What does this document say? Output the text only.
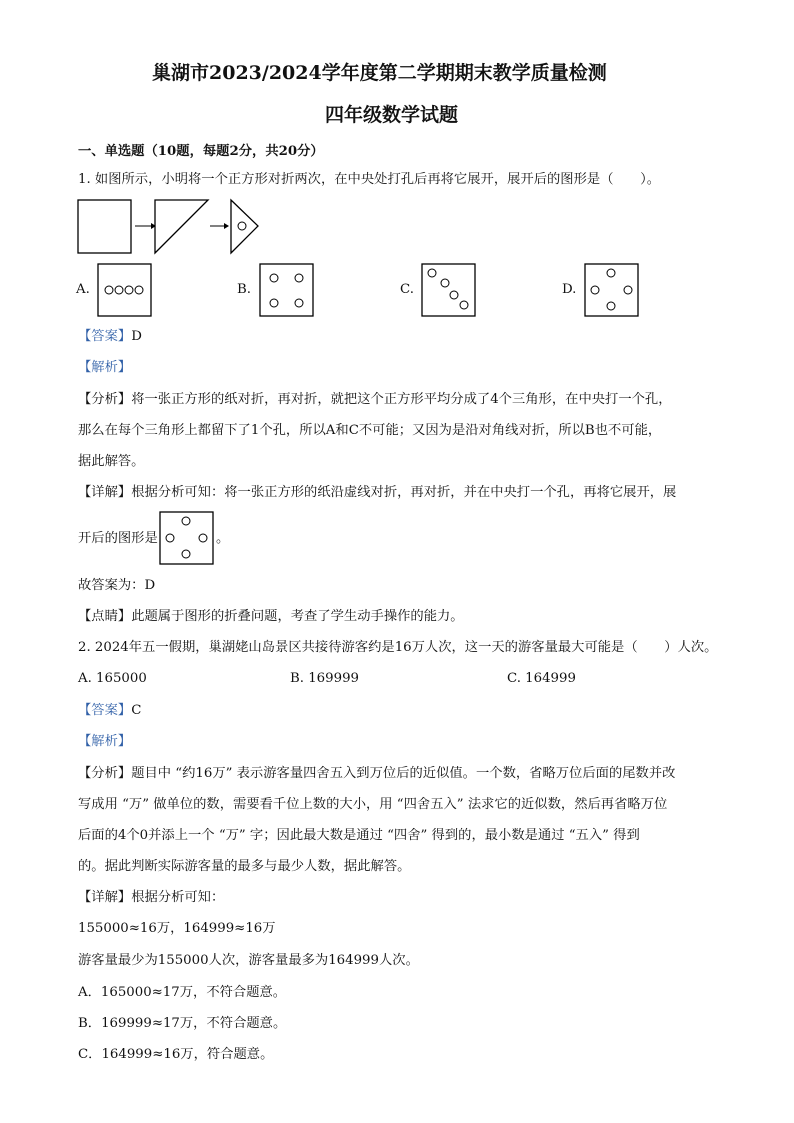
巢湖市2023/2024学年度第二学期期末教学质量检测
四年级数学试题
一、单选题（10题，每题2分，共20分）
1. 如图所示，小明将一个正方形对折两次，在中央处打孔后再将它展开，展开后的图形是（　　）。
A.	B.	C.	D.
【答案】D
【解析】
【分析】将一张正方形的纸对折，再对折，就把这个正方形平均分成了4个三角形，在中央打一个孔，
那么在每个三角形上都留下了1个孔，所以A和C不可能；又因为是沿对角线对折，所以B也不可能，
据此解答。
【详解】根据分析可知：将一张正方形的纸沿虚线对折，再对折，并在中央打一个孔，再将它展开，展
开后的图形是	。
故答案为：D
【点睛】此题属于图形的折叠问题，考查了学生动手操作的能力。
2. 2024年五一假期，巢湖姥山岛景区共接待游客约是16万人次，这一天的游客量最大可能是（　　）人次。
A. 165000	B. 169999	C. 164999
【答案】C
【解析】
【分析】题目中 “约16万” 表示游客量四舍五入到万位后的近似值。一个数，省略万位后面的尾数并改
写成用 “万” 做单位的数，需要看千位上数的大小，用 “四舍五入” 法求它的近似数，然后再省略万位
后面的4个0并添上一个 “万” 字；因此最大数是通过 “四舍” 得到的，最小数是通过 “五入” 得到
的。据此判断实际游客量的最多与最少人数，据此解答。
【详解】根据分析可知：
155000≈16万，164999≈16万
游客量最少为155000人次，游客量最多为164999人次。
A．165000≈17万，不符合题意。
B．169999≈17万，不符合题意。
C．164999≈16万，符合题意。
